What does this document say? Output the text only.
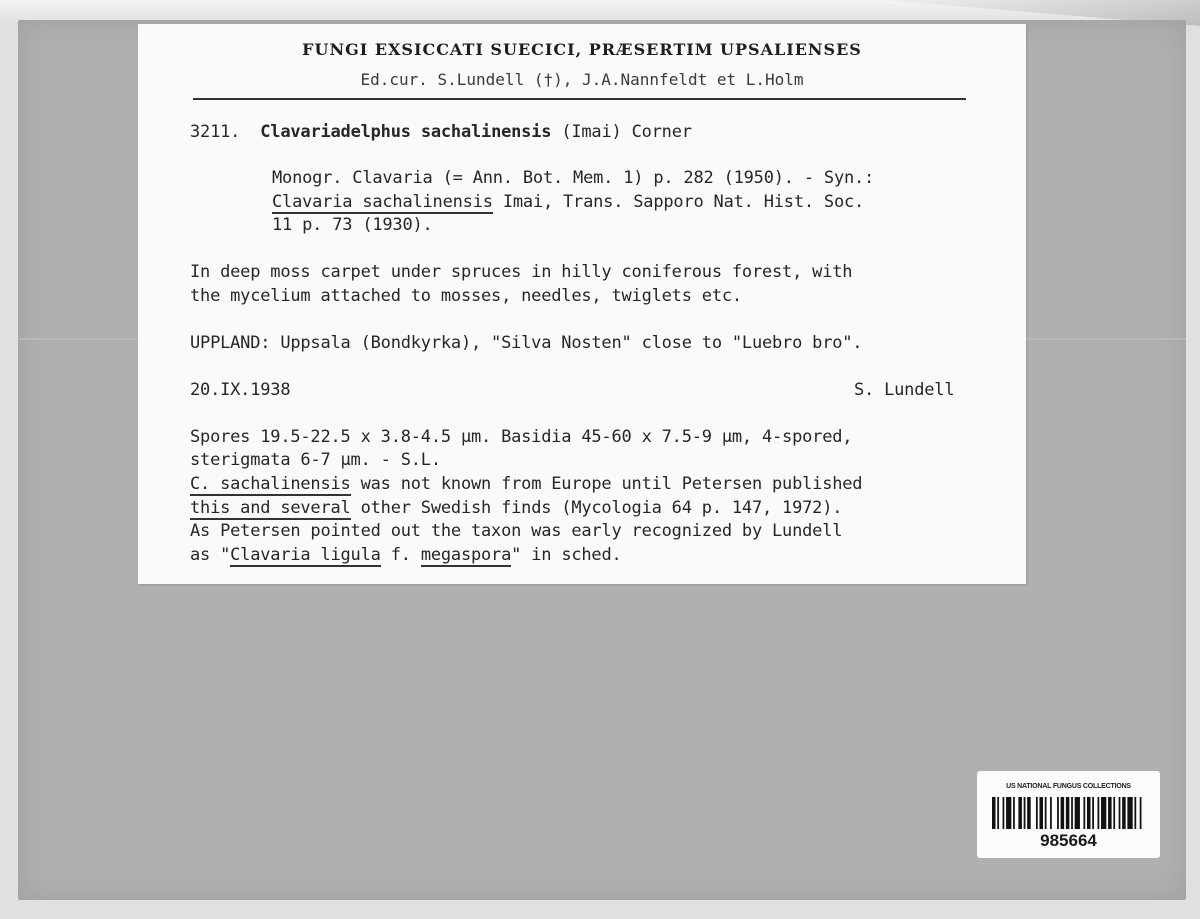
FUNGI EXSICCATI SUECICI, PRÆSERTIM UPSALIENSES
Ed.cur. S.Lundell (†), J.A.Nannfeldt et L.Holm
3211. Clavariadelphus sachalinensis (Imai) Corner
Monogr. Clavaria (= Ann. Bot. Mem. 1) p. 282 (1950). - Syn.:
Clavaria sachalinensis Imai, Trans. Sapporo Nat. Hist. Soc.
11 p. 73 (1930).
In deep moss carpet under spruces in hilly coniferous forest, with
the mycelium attached to mosses, needles, twiglets etc.
UPPLAND: Uppsala (Bondkyrka), "Silva Nosten" close to "Luebro bro".
20.IX.1938	S. Lundell
Spores 19.5-22.5 x 3.8-4.5 µm. Basidia 45-60 x 7.5-9 µm, 4-spored,
sterigmata 6-7 µm. - S.L.
C. sachalinensis was not known from Europe until Petersen published
this and several other Swedish finds (Mycologia 64 p. 147, 1972).
As Petersen pointed out the taxon was early recognized by Lundell
as "Clavaria ligula f. megaspora" in sched.
US NATIONAL FUNGUS COLLECTIONS
985664
